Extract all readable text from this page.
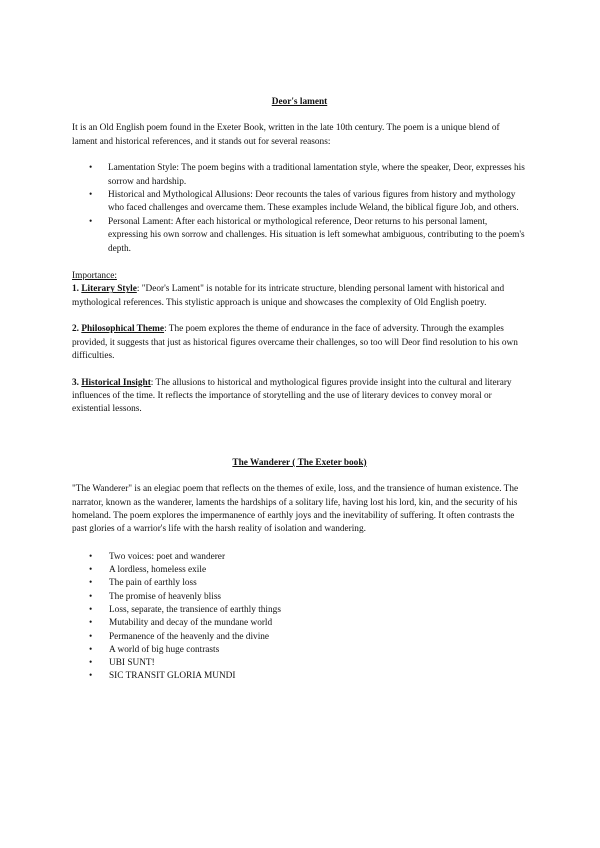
Deor's lament

It is an Old English poem found in the Exeter Book, written in the late 10th century. The poem is a unique blend of lament and historical references, and it stands out for several reasons:

• Lamentation Style: The poem begins with a traditional lamentation style, where the speaker, Deor, expresses his sorrow and hardship.
• Historical and Mythological Allusions: Deor recounts the tales of various figures from history and mythology who faced challenges and overcame them. These examples include Weland, the biblical figure Job, and others.
• Personal Lament: After each historical or mythological reference, Deor returns to his personal lament, expressing his own sorrow and challenges. His situation is left somewhat ambiguous, contributing to the poem's depth.

Importance:

1. Literary Style: "Deor's Lament" is notable for its intricate structure, blending personal lament with historical and mythological references. This stylistic approach is unique and showcases the complexity of Old English poetry.

2. Philosophical Theme: The poem explores the theme of endurance in the face of adversity. Through the examples provided, it suggests that just as historical figures overcame their challenges, so too will Deor find resolution to his own difficulties.

3. Historical Insight: The allusions to historical and mythological figures provide insight into the cultural and literary influences of the time. It reflects the importance of storytelling and the use of literary devices to convey moral or existential lessons.

The Wanderer ( The Exeter book)

"The Wanderer" is an elegiac poem that reflects on the themes of exile, loss, and the transience of human existence. The narrator, known as the wanderer, laments the hardships of a solitary life, having lost his lord, kin, and the security of his homeland. The poem explores the impermanence of earthly joys and the inevitability of suffering. It often contrasts the past glories of a warrior's life with the harsh reality of isolation and wandering.

• Two voices: poet and wanderer
• A lordless, homeless exile
• The pain of earthly loss
• The promise of heavenly bliss
• Loss, separate, the transience of earthly things
• Mutability and decay of the mundane world
• Permanence of the heavenly and the divine
• A world of big huge contrasts
• UBI SUNT!
• SIC TRANSIT GLORIA MUNDI
